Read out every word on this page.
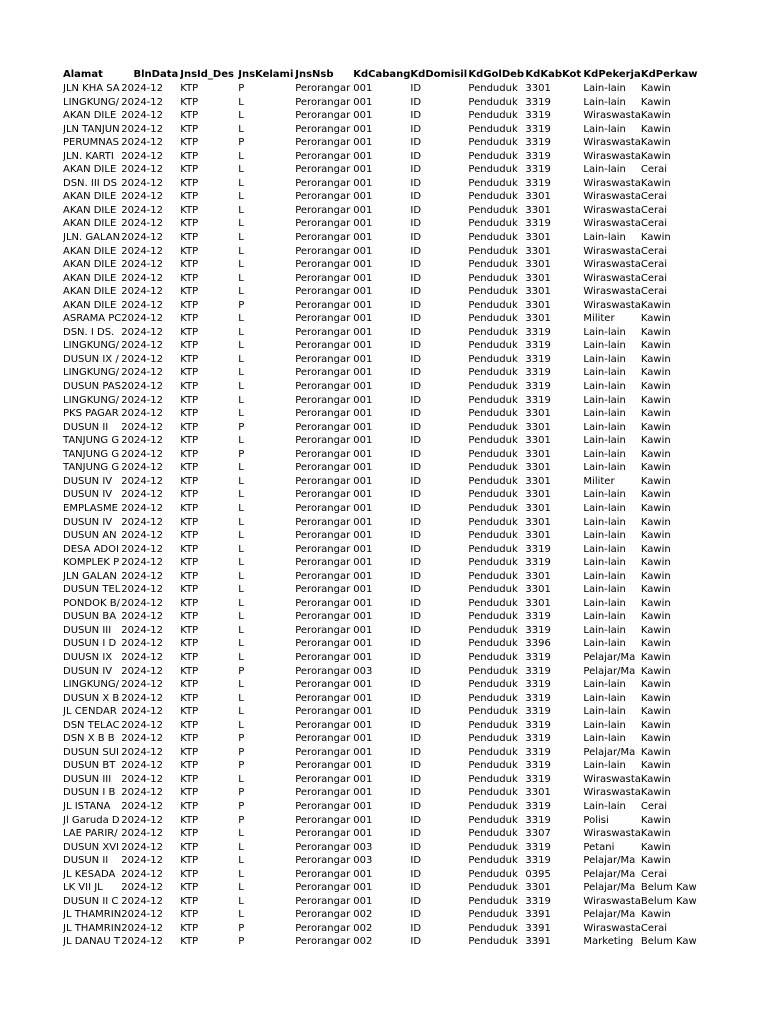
Alamat	BlnData	JnsId_Des	JnsKelami	JnsNsb	KdCabang	KdDomisil	KdGolDeb	KdKabKot	KdPekerja	KdPerkaw
JLN KHA SA	2024-12	KTP	P	Perorangar	001	ID	Penduduk	3301	Lain-lain	Kawin
LINGKUNG/	2024-12	KTP	L	Perorangar	001	ID	Penduduk	3319	Lain-lain	Kawin
AKAN DILE	2024-12	KTP	L	Perorangar	001	ID	Penduduk	3319	Wiraswasta	Kawin
JLN TANJUN	2024-12	KTP	L	Perorangar	001	ID	Penduduk	3319	Lain-lain	Kawin
PERUMNAS	2024-12	KTP	P	Perorangar	001	ID	Penduduk	3319	Wiraswasta	Kawin
JLN. KARTI	2024-12	KTP	L	Perorangar	001	ID	Penduduk	3319	Wiraswasta	Kawin
AKAN DILE	2024-12	KTP	L	Perorangar	001	ID	Penduduk	3319	Lain-lain	Cerai
DSN. III DS	2024-12	KTP	L	Perorangar	001	ID	Penduduk	3319	Wiraswasta	Kawin
AKAN DILE	2024-12	KTP	L	Perorangar	001	ID	Penduduk	3301	Wiraswasta	Cerai
AKAN DILE	2024-12	KTP	L	Perorangar	001	ID	Penduduk	3301	Wiraswasta	Cerai
AKAN DILE	2024-12	KTP	L	Perorangar	001	ID	Penduduk	3319	Wiraswasta	Cerai
JLN. GALAN	2024-12	KTP	L	Perorangar	001	ID	Penduduk	3301	Lain-lain	Kawin
AKAN DILE	2024-12	KTP	L	Perorangar	001	ID	Penduduk	3301	Wiraswasta	Cerai
AKAN DILE	2024-12	KTP	L	Perorangar	001	ID	Penduduk	3301	Wiraswasta	Cerai
AKAN DILE	2024-12	KTP	L	Perorangar	001	ID	Penduduk	3301	Wiraswasta	Cerai
AKAN DILE	2024-12	KTP	L	Perorangar	001	ID	Penduduk	3301	Wiraswasta	Cerai
AKAN DILE	2024-12	KTP	P	Perorangar	001	ID	Penduduk	3301	Wiraswasta	Kawin
ASRAMA PC	2024-12	KTP	L	Perorangar	001	ID	Penduduk	3301	Militer	Kawin
DSN. I DS.	2024-12	KTP	L	Perorangar	001	ID	Penduduk	3319	Lain-lain	Kawin
LINGKUNG/	2024-12	KTP	L	Perorangar	001	ID	Penduduk	3319	Lain-lain	Kawin
DUSUN IX /	2024-12	KTP	L	Perorangar	001	ID	Penduduk	3319	Lain-lain	Kawin
LINGKUNG/	2024-12	KTP	L	Perorangar	001	ID	Penduduk	3319	Lain-lain	Kawin
DUSUN PAS	2024-12	KTP	L	Perorangar	001	ID	Penduduk	3319	Lain-lain	Kawin
LINGKUNG/	2024-12	KTP	L	Perorangar	001	ID	Penduduk	3319	Lain-lain	Kawin
PKS PAGAR	2024-12	KTP	L	Perorangar	001	ID	Penduduk	3301	Lain-lain	Kawin
DUSUN II	2024-12	KTP	P	Perorangar	001	ID	Penduduk	3301	Lain-lain	Kawin
TANJUNG G	2024-12	KTP	L	Perorangar	001	ID	Penduduk	3301	Lain-lain	Kawin
TANJUNG G	2024-12	KTP	P	Perorangar	001	ID	Penduduk	3301	Lain-lain	Kawin
TANJUNG G	2024-12	KTP	L	Perorangar	001	ID	Penduduk	3301	Lain-lain	Kawin
DUSUN IV	2024-12	KTP	L	Perorangar	001	ID	Penduduk	3301	Militer	Kawin
DUSUN IV	2024-12	KTP	L	Perorangar	001	ID	Penduduk	3301	Lain-lain	Kawin
EMPLASME	2024-12	KTP	L	Perorangar	001	ID	Penduduk	3301	Lain-lain	Kawin
DUSUN IV	2024-12	KTP	L	Perorangar	001	ID	Penduduk	3301	Lain-lain	Kawin
DUSUN AN	2024-12	KTP	L	Perorangar	001	ID	Penduduk	3301	Lain-lain	Kawin
DESA ADOI	2024-12	KTP	L	Perorangar	001	ID	Penduduk	3319	Lain-lain	Kawin
KOMPLEK P	2024-12	KTP	L	Perorangar	001	ID	Penduduk	3319	Lain-lain	Kawin
JLN GALAN	2024-12	KTP	L	Perorangar	001	ID	Penduduk	3301	Lain-lain	Kawin
DUSUN TEL	2024-12	KTP	L	Perorangar	001	ID	Penduduk	3301	Lain-lain	Kawin
PONDOK B/	2024-12	KTP	L	Perorangar	001	ID	Penduduk	3301	Lain-lain	Kawin
DUSUN BA	2024-12	KTP	L	Perorangar	001	ID	Penduduk	3319	Lain-lain	Kawin
DUSUN III	2024-12	KTP	L	Perorangar	001	ID	Penduduk	3319	Lain-lain	Kawin
DUSUN I D	2024-12	KTP	L	Perorangar	001	ID	Penduduk	3396	Lain-lain	Kawin
DUUSN IX	2024-12	KTP	L	Perorangar	001	ID	Penduduk	3319	Pelajar/Ma	Kawin
DUSUN IV	2024-12	KTP	P	Perorangar	003	ID	Penduduk	3319	Pelajar/Ma	Kawin
LINGKUNG/	2024-12	KTP	L	Perorangar	001	ID	Penduduk	3319	Lain-lain	Kawin
DUSUN X B	2024-12	KTP	L	Perorangar	001	ID	Penduduk	3319	Lain-lain	Kawin
JL CENDAR	2024-12	KTP	L	Perorangar	001	ID	Penduduk	3319	Lain-lain	Kawin
DSN TELAC	2024-12	KTP	L	Perorangar	001	ID	Penduduk	3319	Lain-lain	Kawin
DSN X B B	2024-12	KTP	P	Perorangar	001	ID	Penduduk	3319	Lain-lain	Kawin
DUSUN SUI	2024-12	KTP	P	Perorangar	001	ID	Penduduk	3319	Pelajar/Ma	Kawin
DUSUN BT	2024-12	KTP	P	Perorangar	001	ID	Penduduk	3319	Lain-lain	Kawin
DUSUN III	2024-12	KTP	L	Perorangar	001	ID	Penduduk	3319	Wiraswasta	Kawin
DUSUN I B	2024-12	KTP	P	Perorangar	001	ID	Penduduk	3301	Wiraswasta	Kawin
JL ISTANA	2024-12	KTP	P	Perorangar	001	ID	Penduduk	3319	Lain-lain	Cerai
Jl Garuda D	2024-12	KTP	P	Perorangar	001	ID	Penduduk	3319	Polisi	Kawin
LAE PARIR/	2024-12	KTP	L	Perorangar	001	ID	Penduduk	3307	Wiraswasta	Kawin
DUSUN XVI	2024-12	KTP	L	Perorangar	003	ID	Penduduk	3319	Petani	Kawin
DUSUN II	2024-12	KTP	L	Perorangar	003	ID	Penduduk	3319	Pelajar/Ma	Kawin
JL KESADA	2024-12	KTP	L	Perorangar	001	ID	Penduduk	0395	Pelajar/Ma	Cerai
LK VII JL	2024-12	KTP	L	Perorangar	001	ID	Penduduk	3301	Pelajar/Ma	Belum Kaw
DUSUN II C	2024-12	KTP	L	Perorangar	001	ID	Penduduk	3319	Wiraswasta	Belum Kaw
JL THAMRIN	2024-12	KTP	L	Perorangar	002	ID	Penduduk	3391	Pelajar/Ma	Kawin
JL THAMRIN	2024-12	KTP	P	Perorangar	002	ID	Penduduk	3391	Wiraswasta	Cerai
JL DANAU T	2024-12	KTP	P	Perorangar	002	ID	Penduduk	3391	Marketing	Belum Kaw
